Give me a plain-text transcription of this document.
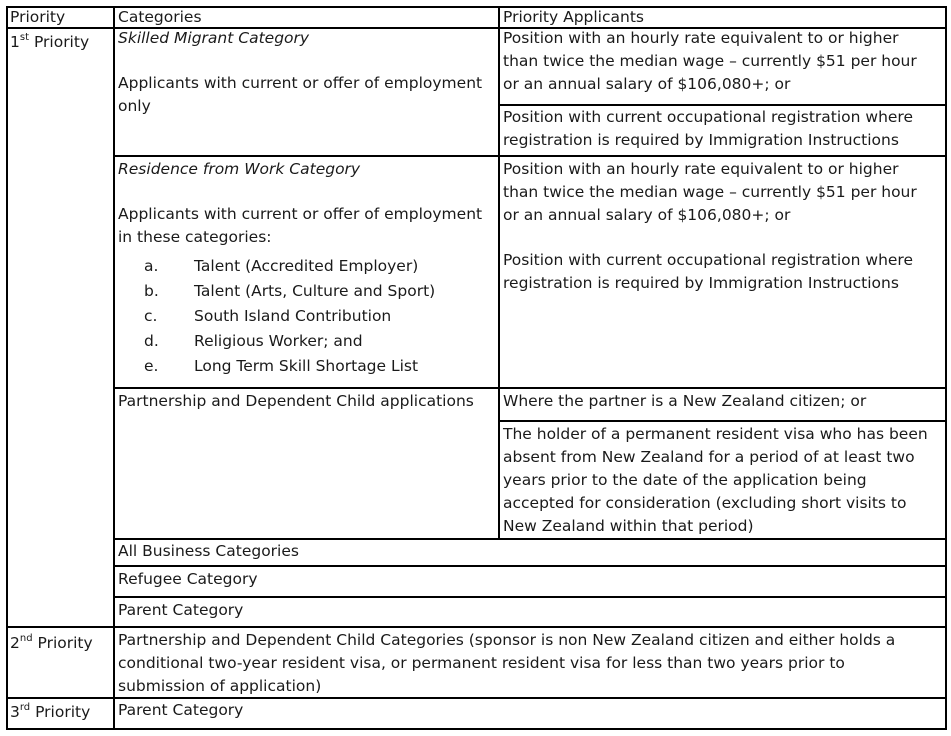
Priority	Categories	Priority Applicants
1st Priority
2nd Priority
3rd Priority
Skilled Migrant Category
Applicants with current or offer of employment
only
Position with an hourly rate equivalent to or higher
than twice the median wage – currently $51 per hour
or an annual salary of $106,080+; or
Position with current occupational registration where
registration is required by Immigration Instructions
Residence from Work Category
Applicants with current or offer of employment
in these categories:
a. Talent (Accredited Employer)
b. Talent (Arts, Culture and Sport)
c. South Island Contribution
d. Religious Worker; and
e. Long Term Skill Shortage List
Position with an hourly rate equivalent to or higher
than twice the median wage – currently $51 per hour
or an annual salary of $106,080+; or
Position with current occupational registration where
registration is required by Immigration Instructions
Partnership and Dependent Child applications Where the partner is a New Zealand citizen; or
The holder of a permanent resident visa who has been
absent from New Zealand for a period of at least two
years prior to the date of the application being
accepted for consideration (excluding short visits to
New Zealand within that period)
All Business Categories
Refugee Category
Parent Category
Partnership and Dependent Child Categories (sponsor is non New Zealand citizen and either holds a
conditional two-year resident visa, or permanent resident visa for less than two years prior to
submission of application)
Parent Category
